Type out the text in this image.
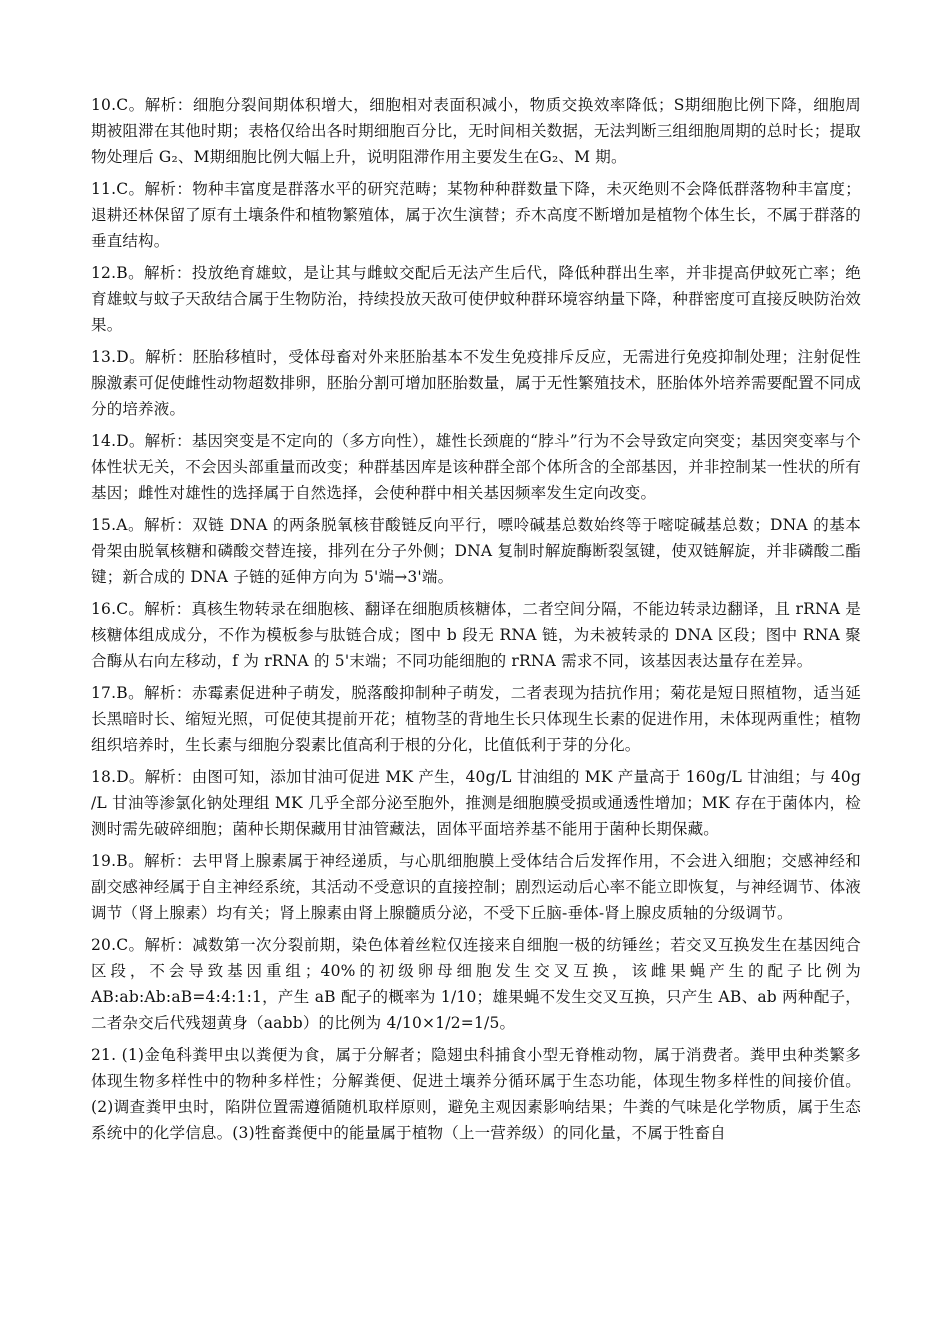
10.C。解析：细胞分裂间期体积增大，细胞相对表面积减小，物质交换效率降低；S期细胞比例下降，细胞周期被阻滞在其他时期；表格仅给出各时期细胞百分比，无时间相关数据，无法判断三组细胞周期的总时长；提取物处理后 G₂、M期细胞比例大幅上升，说明阻滞作用主要发生在G₂、M 期。

11.C。解析：物种丰富度是群落水平的研究范畴；某物种种群数量下降，未灭绝则不会降低群落物种丰富度；退耕还林保留了原有土壤条件和植物繁殖体，属于次生演替；乔木高度不断增加是植物个体生长，不属于群落的垂直结构。

12.B。解析：投放绝育雄蚊，是让其与雌蚊交配后无法产生后代，降低种群出生率，并非提高伊蚊死亡率；绝育雄蚊与蚊子天敌结合属于生物防治，持续投放天敌可使伊蚊种群环境容纳量下降，种群密度可直接反映防治效果。

13.D。解析：胚胎移植时，受体母畜对外来胚胎基本不发生免疫排斥反应，无需进行免疫抑制处理；注射促性腺激素可促使雌性动物超数排卵，胚胎分割可增加胚胎数量，属于无性繁殖技术，胚胎体外培养需要配置不同成分的培养液。

14.D。解析：基因突变是不定向的（多方向性），雄性长颈鹿的“脖斗”行为不会导致定向突变；基因突变率与个体性状无关，不会因头部重量而改变；种群基因库是该种群全部个体所含的全部基因，并非控制某一性状的所有基因；雌性对雄性的选择属于自然选择，会使种群中相关基因频率发生定向改变。

15.A。解析：双链 DNA 的两条脱氧核苷酸链反向平行，嘌呤碱基总数始终等于嘧啶碱基总数；DNA 的基本骨架由脱氧核糖和磷酸交替连接，排列在分子外侧；DNA 复制时解旋酶断裂氢键，使双链解旋，并非磷酸二酯键；新合成的 DNA 子链的延伸方向为 5'端→3'端。

16.C。解析：真核生物转录在细胞核、翻译在细胞质核糖体，二者空间分隔，不能边转录边翻译，且 rRNA 是核糖体组成成分，不作为模板参与肽链合成；图中 b 段无 RNA 链，为未被转录的 DNA 区段；图中 RNA 聚合酶从右向左移动，f 为 rRNA 的 5'末端；不同功能细胞的 rRNA 需求不同，该基因表达量存在差异。

17.B。解析：赤霉素促进种子萌发，脱落酸抑制种子萌发，二者表现为拮抗作用；菊花是短日照植物，适当延长黑暗时长、缩短光照，可促使其提前开花；植物茎的背地生长只体现生长素的促进作用，未体现两重性；植物组织培养时，生长素与细胞分裂素比值高利于根的分化，比值低利于芽的分化。

18.D。解析：由图可知，添加甘油可促进 MK 产生，40g/L 甘油组的 MK 产量高于 160g/L 甘油组；与 40g /L 甘油等渗氯化钠处理组 MK 几乎全部分泌至胞外，推测是细胞膜受损或通透性增加；MK 存在于菌体内，检测时需先破碎细胞；菌种长期保藏用甘油管藏法，固体平面培养基不能用于菌种长期保藏。

19.B。解析：去甲肾上腺素属于神经递质，与心肌细胞膜上受体结合后发挥作用，不会进入细胞；交感神经和副交感神经属于自主神经系统，其活动不受意识的直接控制；剧烈运动后心率不能立即恢复，与神经调节、体液调节（肾上腺素）均有关；肾上腺素由肾上腺髓质分泌，不受下丘脑-垂体-肾上腺皮质轴的分级调节。

20.C。解析：减数第一次分裂前期，染色体着丝粒仅连接来自细胞一极的纺锤丝；若交叉互换发生在基因纯合区段，不会导致基因重组；40%的初级卵母细胞发生交叉互换，该雌果蝇产生的配子比例为 AB:ab:Ab:aB=4:4:1:1，产生 aB 配子的概率为 1/10；雄果蝇不发生交叉互换，只产生 AB、ab 两种配子，二者杂交后代残翅黄身（aabb）的比例为 4/10×1/2=1/5。

21. (1)金龟科粪甲虫以粪便为食，属于分解者；隐翅虫科捕食小型无脊椎动物，属于消费者。粪甲虫种类繁多体现生物多样性中的物种多样性；分解粪便、促进土壤养分循环属于生态功能，体现生物多样性的间接价值。(2)调查粪甲虫时，陷阱位置需遵循随机取样原则，避免主观因素影响结果；牛粪的气味是化学物质，属于生态系统中的化学信息。(3)牲畜粪便中的能量属于植物（上一营养级）的同化量，不属于牲畜自
